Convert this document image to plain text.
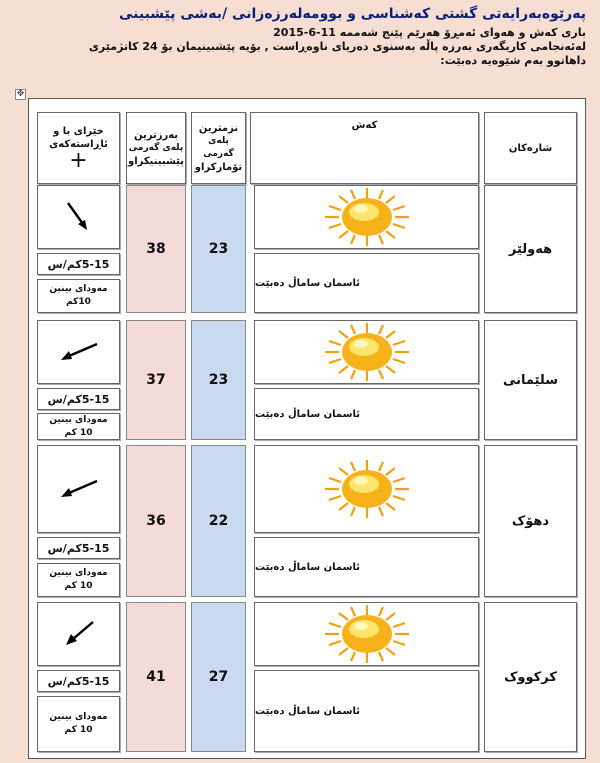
پەرێوەبەرایەتی گشتی کەشناسی و بوومەلەرزەزانی /بەشی پێشبینی
باری کەش و هەوای ئەمڕۆ هەرێم پێنج شەممە 11-6-2015
لەئەنجامی کاریگەری بەرزە پاڵە بەسنوی دەریای ناوەڕاست , بۆیە پێشبینیمان بۆ 24 کاتژمێری
داهاتوو بەم شێوەیە دەبێت:
✥
شارەکان
کەش
نزمترین
پلەی گەرمی
تۆمارکراو
بەرزترین
پلەی گەرمی
پێشبینیکراو
خێرای با و
ئاڕاستەکەی
+
هەولێر
ئاسمان ساماڵ دەبێت
23
38
5-15کم/س
مەودای بینین
10کم
سلێمانی
ئاسمان ساماڵ دەبێت
23
37
5-15کم/س
مەودای بینین
10 کم
دهۆک
ئاسمان ساماڵ دەبێت
22
36
5-15کم/س
مەودای بینین
10 کم
کرکووک
ئاسمان ساماڵ دەبێت
27
41
5-15کم/س
مەودای بینین
10 کم
